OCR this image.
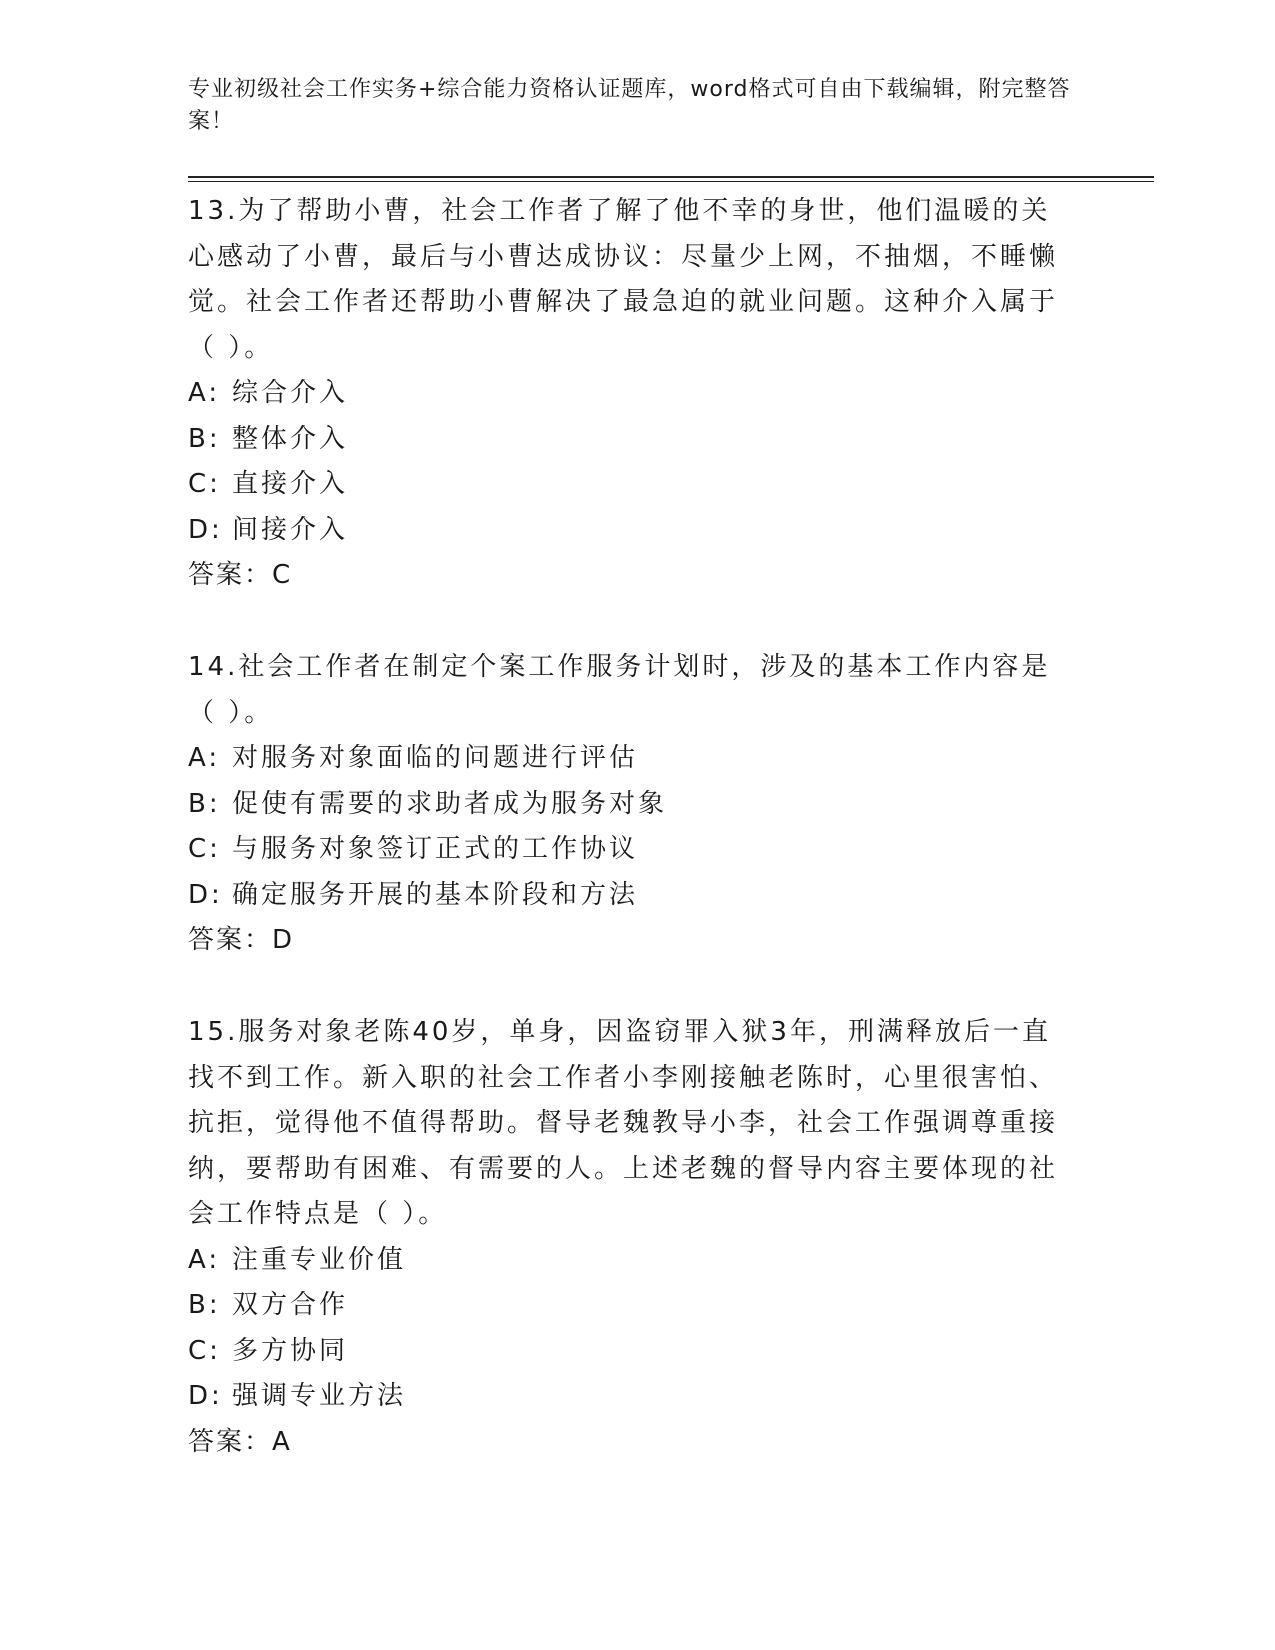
专业初级社会工作实务+综合能力资格认证题库，word格式可自由下载编辑，附完整答案！
13.为了帮助小曹，社会工作者了解了他不幸的身世，他们温暖的关心感动了小曹，最后与小曹达成协议：尽量少上网，不抽烟，不睡懒觉。社会工作者还帮助小曹解决了最急迫的就业问题。这种介入属于（ ）。
A: 综合介入
B: 整体介入
C: 直接介入
D: 间接介入
答案：C
14.社会工作者在制定个案工作服务计划时，涉及的基本工作内容是（ ）。
A: 对服务对象面临的问题进行评估
B: 促使有需要的求助者成为服务对象
C: 与服务对象签订正式的工作协议
D: 确定服务开展的基本阶段和方法
答案：D
15.服务对象老陈40岁，单身，因盗窃罪入狱3年，刑满释放后一直找不到工作。新入职的社会工作者小李刚接触老陈时，心里很害怕、抗拒，觉得他不值得帮助。督导老魏教导小李，社会工作强调尊重接纳，要帮助有困难、有需要的人。上述老魏的督导内容主要体现的社会工作特点是（ ）。
A: 注重专业价值
B: 双方合作
C: 多方协同
D: 强调专业方法
答案：A
